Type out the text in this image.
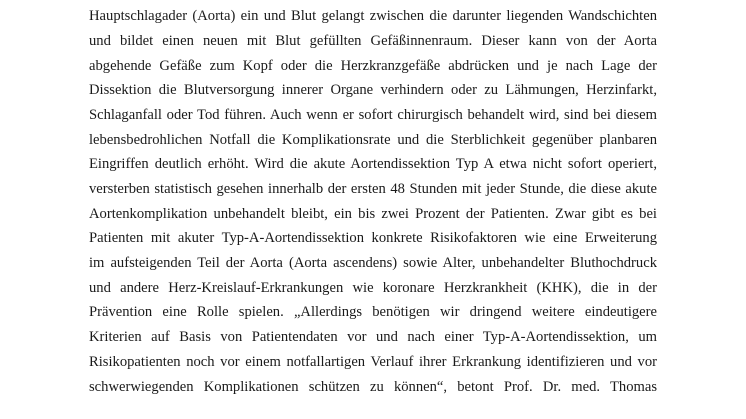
Hauptschlagader (Aorta) ein und Blut gelangt zwischen die darunter liegenden Wandschichten
und bildet einen neuen mit Blut gefüllten Gefäßinnenraum. Dieser kann von der Aorta
abgehende Gefäße zum Kopf oder die Herzkranzgefäße abdrücken und je nach Lage der
Dissektion die Blutversorgung innerer Organe verhindern oder zu Lähmungen, Herzinfarkt,
Schlaganfall oder Tod führen. Auch wenn er sofort chirurgisch behandelt wird, sind bei diesem
lebensbedrohlichen Notfall die Komplikationsrate und die Sterblichkeit gegenüber planbaren
Eingriffen deutlich erhöht. Wird die akute Aortendissektion Typ A etwa nicht sofort operiert,
versterben statistisch gesehen innerhalb der ersten 48 Stunden mit jeder Stunde, die diese akute
Aortenkomplikation unbehandelt bleibt, ein bis zwei Prozent der Patienten. Zwar gibt es bei
Patienten mit akuter Typ-A-Aortendissektion konkrete Risikofaktoren wie eine Erweiterung
im aufsteigenden Teil der Aorta (Aorta ascendens) sowie Alter, unbehandelter Bluthochdruck
und andere Herz-Kreislauf-Erkrankungen wie koronare Herzkrankheit (KHK), die in der
Prävention eine Rolle spielen. „Allerdings benötigen wir dringend weitere eindeutigere
Kriterien auf Basis von Patientendaten vor und nach einer Typ-A-Aortendissektion, um
Risikopatienten noch vor einem notfallartigen Verlauf ihrer Erkrankung identifizieren und vor
schwerwiegenden Komplikationen schützen zu können“, betont Prof. Dr. med. Thomas
